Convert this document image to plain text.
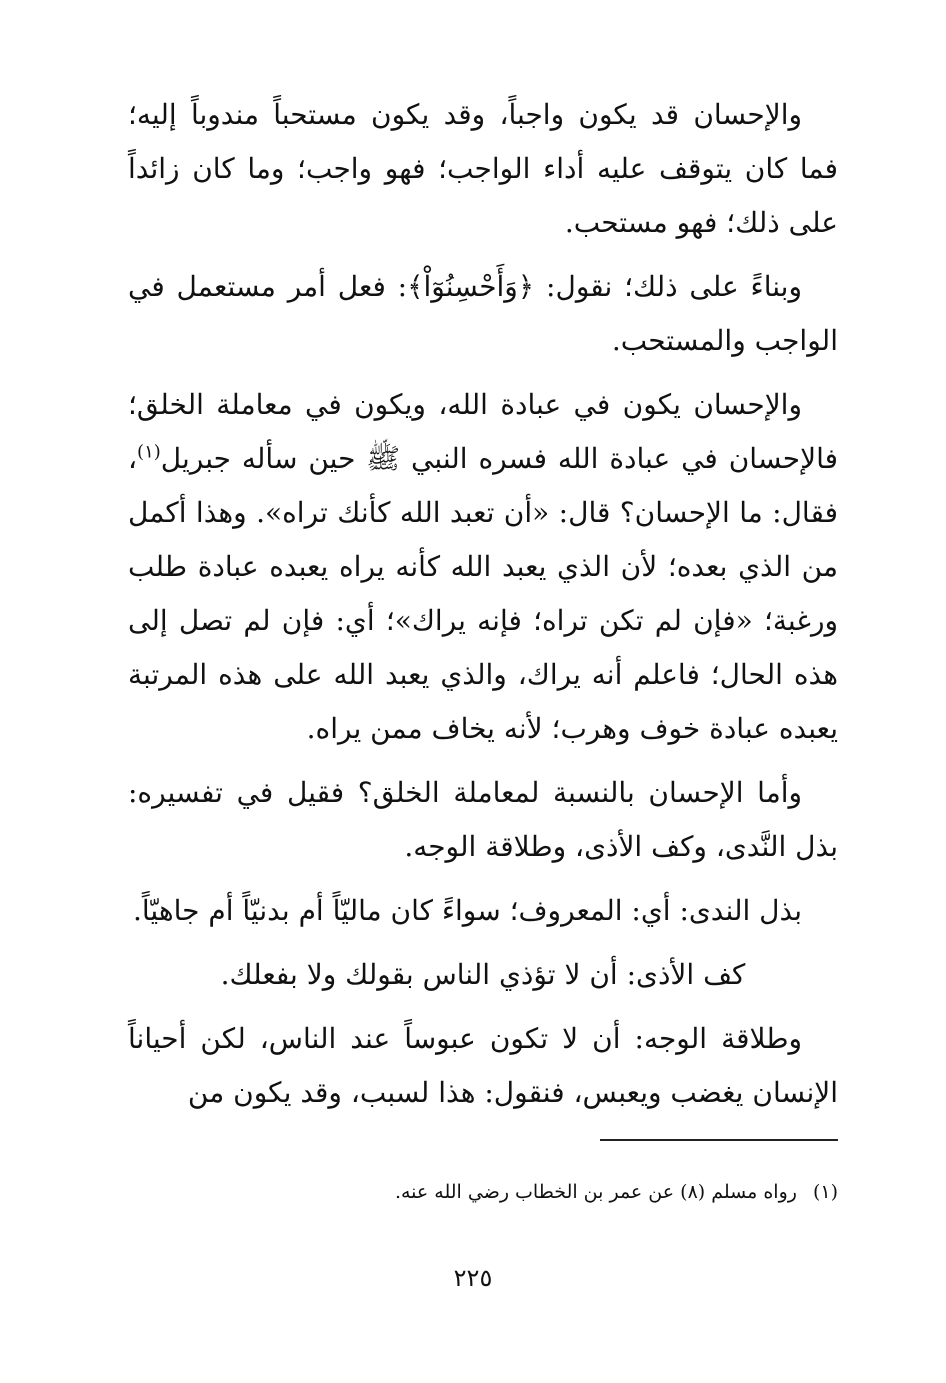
والإحسان قد يكون واجباً، وقد يكون مستحباً مندوباً إليه؛ فما كان يتوقف عليه أداء الواجب؛ فهو واجب؛ وما كان زائداً على ذلك؛ فهو مستحب.

وبناءً على ذلك؛ نقول: ﴿وَأَحْسِنُوٓاْ﴾: فعل أمر مستعمل في الواجب والمستحب.

والإحسان يكون في عبادة الله، ويكون في معاملة الخلق؛ فالإحسان في عبادة الله فسره النبي ﷺ حين سأله جبريل$^{(١)}$، فقال: ما الإحسان؟ قال: «أن تعبد الله كأنك تراه». وهذا أكمل من الذي بعده؛ لأن الذي يعبد الله كأنه يراه يعبده عبادة طلب ورغبة؛ «فإن لم تكن تراه؛ فإنه يراك»؛ أي: فإن لم تصل إلى هذه الحال؛ فاعلم أنه يراك، والذي يعبد الله على هذه المرتبة يعبده عبادة خوف وهرب؛ لأنه يخاف ممن يراه.

وأما الإحسان بالنسبة لمعاملة الخلق؟ فقيل في تفسيره: بذل النَّدى، وكف الأذى، وطلاقة الوجه.

بذل الندى: أي: المعروف؛ سواءً كان ماليّاً أم بدنيّاً أم جاهيّاً.

كف الأذى: أن لا تؤذي الناس بقولك ولا بفعلك.

وطلاقة الوجه: أن لا تكون عبوساً عند الناس، لكن أحياناً الإنسان يغضب ويعبس، فنقول: هذا لسبب، وقد يكون من

(١)رواه مسلم (٨) عن عمر بن الخطاب رضي الله عنه.
٢٢٥
